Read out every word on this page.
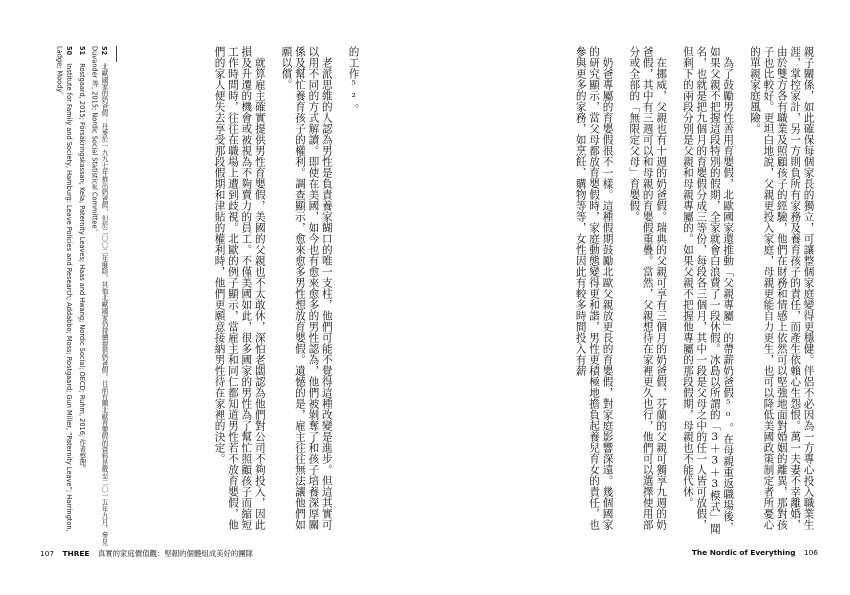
的工作⁵²。

　老派思維的人認為男性是負責養家餬口的唯一支柱，他們可能不覺得這種改變是進步。但這其實可以用不同的方式解讀。即使在美國，如今也有愈來愈多的男性認為，他們被剝奪了和孩子培養深厚關係及幫忙養育孩子的權利。調查顯示，愈來愈多男性想放育嬰假。遺憾的是，雇主往往無法讓他們如願以償。

　就算雇主確實提供男性育嬰假，美國的父親也不太敢休，深怕老闆認為他們對公司不夠投入，因此損及升遷的機會或被視為不夠賣力的員工。不僅美國如此，很多國家的男性為了幫忙照顧孩子而縮短工作時間時，往往在職場上遭到歧視。北歐的例子顯示，當雇主和同仁都知道男性若不放育嬰假，他們的家人便失去享受那段假期和津貼的權利時，他們更願意接納男性待在家裡的決定。

52 北歐國家的奶爸假：丹麥於一九九七年推出奶爸假，但於二〇〇二年廢除。其他北歐國家仍持續提供奶爸假。目前有關北歐育嬰假的資料是截至二〇一五年九月。參見 Duvander 等, 2015; Nordic Social Statistical Committee。
51 Rostgaard, 2015; Försäkringskassan; Kela; Paternity Leaves; Haas and Hwang; Nordic Social; OECD; Ruhm, 2016; 作者整理。
50 Institute for Family and Society, Hamburg: Leave Policies and Research; Addabbo; Moss; Rostgaard; Gun Miller, “Paternity Leave”; Harrington, Ladge; Moody。
107 THREE 真實的家庭價值觀：堅韌的個體組成美好的團隊

親子關係，如此確保每個家長的獨立，可讓整個家庭變得更穩健。伴侶不必因為一方專心投入職業生涯，掌控家計，另一方則負所有家務及養育孩子的責任，而產生依賴心生怨恨。萬一夫妻不幸離婚，由於雙方各有職業及照顧孩子的經驗，他們在財務和情感上依然可以堅強地面對婚姻的離異，那對孩子也比較好。更坦白地說，父親更投入家庭，母親更能自力更生，也可以降低美國政策制定者所憂心的單親家庭風險。

　為了鼓勵男性善用育嬰假，北歐國家還推動「父親專屬」的帶薪奶爸假⁵⁰。在母親重返職場後，如果父親不把握這段特別的假期，全家就會白浪費了一段休假。冰島以所謂的「3＋3＋3模式」聞名，也就是把九個月的育嬰假分成三等份，每段各三個月，其中一段是父母之中的任一人皆可放假，但剩下的兩段分別是父親和母親專屬的。如果父親不把握他專屬的那段假期，母親也不能代休。

　在挪威，父親也有十週的奶爸假。瑞典的父親可享有三個月的奶爸假，芬蘭的父親可獨享九週的奶爸假，其中有三週可以和母親的育嬰假重疊。當然，父親想待在家裡更久也行，他們可以選擇使用部分或全部的「無限定父母」育嬰假。

　奶爸專屬的育嬰假很不一樣。這種假期鼓勵北歐父親放更長的育嬰假，對家庭影響深遠。幾個國家的研究顯示，當父母都放育嬰假時，家庭動態變得更和諧，男性更積極地擔負起養兒育女的責任，也參與更多的家務，如烹飪、購物等等，女性因此有較多時間投入有薪

The Nordic of Everything 106
